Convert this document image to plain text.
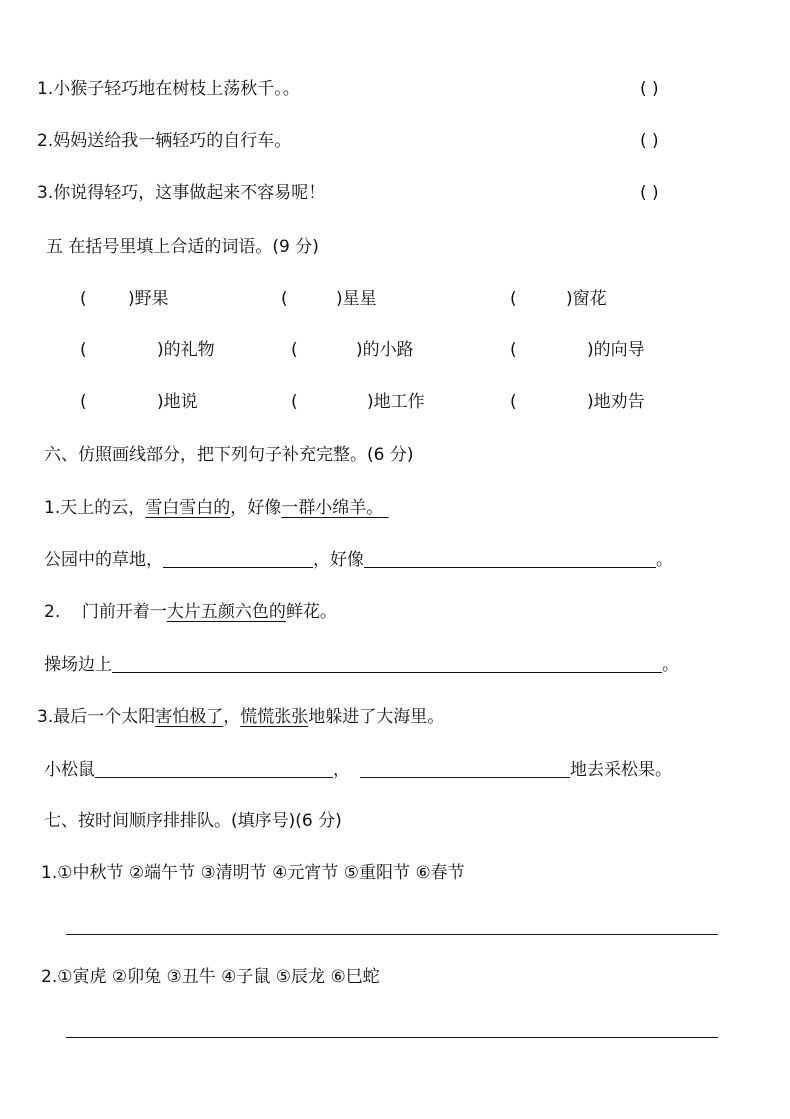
1.小猴子轻巧地在树枝上荡秋千。。	( )
2.妈妈送给我一辆轻巧的自行车。	( )
3.你说得轻巧，这事做起来不容易呢！	( )
五 在括号里填上合适的词语。(9 分)
( )野果	(	)星星	(	)窗花
(	)的礼物	(	)的小路	(	)的向导
(	)地说	(	)地工作	(	)地劝告
六、仿照画线部分，把下列句子补充完整。(6 分)
1.天上的云，雪白雪白的，好像一群小绵羊。
公园中的草地，	，好像	。
2.    门前开着一大片五颜六色的鲜花。
操场边上	。
3.最后一个太阳害怕极了，慌慌张张地躲进了大海里。
小松鼠	，	地去采松果。
七、按时间顺序排排队。(填序号)(6 分)
1.①中秋节 ②端午节 ③清明节 ④元宵节 ⑤重阳节 ⑥春节
2.①寅虎 ②卯兔 ③丑牛 ④子鼠 ⑤辰龙 ⑥巳蛇
